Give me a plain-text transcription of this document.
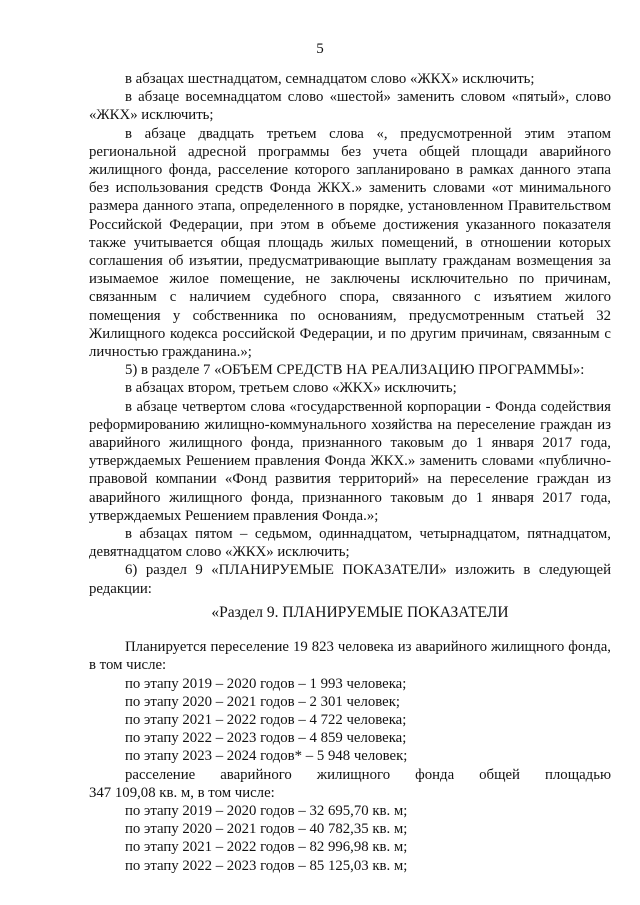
5

в абзацах шестнадцатом, семнадцатом слово «ЖКХ» исключить;

в абзаце восемнадцатом слово «шестой» заменить словом «пятый», слово «ЖКХ» исключить;

в абзаце двадцать третьем слова «, предусмотренной этим этапом региональной адресной программы без учета общей площади аварийного жилищного фонда, расселение которого запланировано в рамках данного этапа без использования средств Фонда ЖКХ.» заменить словами «от минимального размера данного этапа, определенного в порядке, установленном Правительством Российской Федерации, при этом в объеме достижения указанного показателя также учитывается общая площадь жилых помещений, в отношении которых соглашения об изъятии, предусматривающие выплату гражданам возмещения за изымаемое жилое помещение, не заключены исключительно по причинам, связанным с наличием судебного спора, связанного с изъятием жилого помещения у собственника по основаниям, предусмотренным статьей 32 Жилищного кодекса российской Федерации, и по другим причинам, связанным с личностью гражданина.»;

5) в разделе 7 «ОБЪЕМ СРЕДСТВ НА РЕАЛИЗАЦИЮ ПРОГРАММЫ»:

в абзацах втором, третьем слово «ЖКХ» исключить;

в абзаце четвертом слова «государственной корпорации - Фонда содействия реформированию жилищно-коммунального хозяйства на переселение граждан из аварийного жилищного фонда, признанного таковым до 1 января 2017 года, утверждаемых Решением правления Фонда ЖКХ.» заменить словами «публично-правовой компании «Фонд развития территорий» на переселение граждан из аварийного жилищного фонда, признанного таковым до 1 января 2017 года, утверждаемых Решением правления Фонда.»;

в абзацах пятом – седьмом, одиннадцатом, четырнадцатом, пятнадцатом, девятнадцатом слово «ЖКХ» исключить;

6) раздел 9 «ПЛАНИРУЕМЫЕ ПОКАЗАТЕЛИ» изложить в следующей редакции:

«Раздел 9. ПЛАНИРУЕМЫЕ ПОКАЗАТЕЛИ

Планируется переселение 19 823 человека из аварийного жилищного фонда, в том числе:

по этапу 2019 – 2020 годов – 1 993 человека;

по этапу 2020 – 2021 годов – 2 301 человек;

по этапу 2021 – 2022 годов – 4 722 человека;

по этапу 2022 – 2023 годов – 4 859 человека;

по этапу 2023 – 2024 годов* – 5 948 человек;

расселение аварийного жилищного фонда общей площадью

347 109,08 кв. м, в том числе:

по этапу 2019 – 2020 годов – 32 695,70 кв. м;

по этапу 2020 – 2021 годов – 40 782,35 кв. м;

по этапу 2021 – 2022 годов – 82 996,98 кв. м;

по этапу 2022 – 2023 годов – 85 125,03 кв. м;
